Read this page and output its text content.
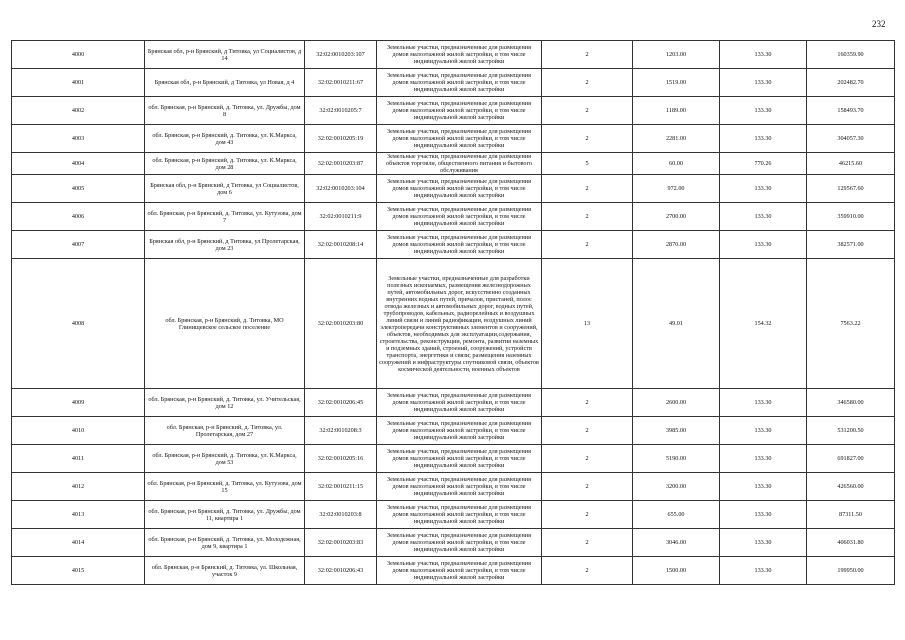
232
4000	Брянская обл, р-н Брянский, д Титовка, ул Социалистов, д 14	32:02:0010203:107	Земельные участки, предназначенные для размещения домов малоэтажной жилой застройки, в том числе индивидуальной жилой застройки	2	1203.00	133.30	160359.90
4001	Брянская обл, р-н Брянский, д Титовка, ул Новая, д 4	32:02:0010211:67	Земельные участки, предназначенные для размещения домов малоэтажной жилой застройки, в том числе индивидуальной жилой застройки	2	1519.00	133.30	202482.70
4002	обл. Брянская, р-н Брянский, д. Титовка, ул. Дружбы, дом 8	32:02:0010205:7	Земельные участки, предназначенные для размещения домов малоэтажной жилой застройки, в том числе индивидуальной жилой застройки	2	1189.00	133.30	158493.70
4003	обл. Брянская, р-н Брянский, д. Титовка, ул. К.Маркса, дом 43	32:02:0010205:19	Земельные участки, предназначенные для размещения домов малоэтажной жилой застройки, в том числе индивидуальной жилой застройки	2	2281.00	133.30	304057.30
4004	обл. Брянская, р-н Брянский, д. Титовка, ул. К.Маркса, дом 28	32:02:0010203:87	Земельные участки, предназначенные для размещения объектов торговли, общественного питания и бытового обслуживания	5	60.00	770.26	46215.60
4005	Брянская обл, р-н Брянский, д Титовка, ул Социалистов, дом 6	32:02:0010203:104	Земельные участки, предназначенные для размещения домов малоэтажной жилой застройки, в том числе индивидуальной жилой застройки	2	972.00	133.30	129567.60
4006	обл. Брянская, р-н Брянский, д. Титовка, ул. Кутузова, дом 7	32:02:0010211:9	Земельные участки, предназначенные для размещения домов малоэтажной жилой застройки, в том числе индивидуальной жилой застройки	2	2700.00	133.30	359910.00
4007	Брянская обл, р-н Брянский, д Титовка, ул Пролетарская, дом 23	32:02:0010208:14	Земельные участки, предназначенные для размещения домов малоэтажной жилой застройки, в том числе индивидуальной жилой застройки	2	2870.00	133.30	382571.00
4008	обл. Брянская, р-н Брянский, д. Титовка, МО Глинищевское сельское поселение	32:02:0010203:80	Земельные участки, предназначенные для разработки полезных ископаемых, размещения железнодорожных путей, автомобильных дорог, искусственно созданных внутренних водных путей, причалов, пристаней, полос отвода железных и автомобильных дорог, водных путей, трубопроводов, кабельных, радиорелейных и воздушных линий связи и линий радиофикации, воздушных линий электропередачи конструктивных элементов и сооружений, объектов, необходимых для эксплуатации,содержания, строительства, реконструкции, ремонта, развития наземных и подземных зданий, строений, сооружений, устройств транспорта, энергетики и связи; размещения наземных сооружений и инфраструктуры спутниковой связи, объектов космической деятельности, военных объектов	13	49.01	154.32	7563.22
4009	обл. Брянская, р-н Брянский, д. Титовка, ул. Учительская, дом 12	32:02:0010206:45	Земельные участки, предназначенные для размещения домов малоэтажной жилой застройки, в том числе индивидуальной жилой застройки	2	2600.00	133.30	346580.00
4010	обл. Брянская, р-н Брянский, д. Титовка, ул. Пролетарская, дом 27	32:02:0010208:3	Земельные участки, предназначенные для размещения домов малоэтажной жилой застройки, в том числе индивидуальной жилой застройки	2	3985.00	133.30	531200.50
4011	обл. Брянская, р-н Брянский, д. Титовка, ул. К.Маркса, дом 53	32:02:0010205:16	Земельные участки, предназначенные для размещения домов малоэтажной жилой застройки, в том числе индивидуальной жилой застройки	2	5190.00	133.30	691827.00
4012	обл. Брянская, р-н Брянский, д. Титовка, ул. Кутузова, дом 15	32:02:0010211:15	Земельные участки, предназначенные для размещения домов малоэтажной жилой застройки, в том числе индивидуальной жилой застройки	2	3200.00	133.30	426560.00
4013	обл. Брянская, р-н Брянский, д. Титовка, ул. Дружбы, дом 11, квартира 1	32:02:0010203:8	Земельные участки, предназначенные для размещения домов малоэтажной жилой застройки, в том числе индивидуальной жилой застройки	2	655.00	133.30	87311.50
4014	обл. Брянская, р-н Брянский, д. Титовка, ул. Молодежная, дом 9, квартира 1	32:02:0010203:83	Земельные участки, предназначенные для размещения домов малоэтажной жилой застройки, в том числе индивидуальной жилой застройки	2	3046.00	133.30	406031.80
4015	обл. Брянская, р-н Брянский, д. Титовка, ул. Школьная, участок 9	32:02:0010206:43	Земельные участки, предназначенные для размещения домов малоэтажной жилой застройки, в том числе индивидуальной жилой застройки	2	1500.00	133.30	199950.00
